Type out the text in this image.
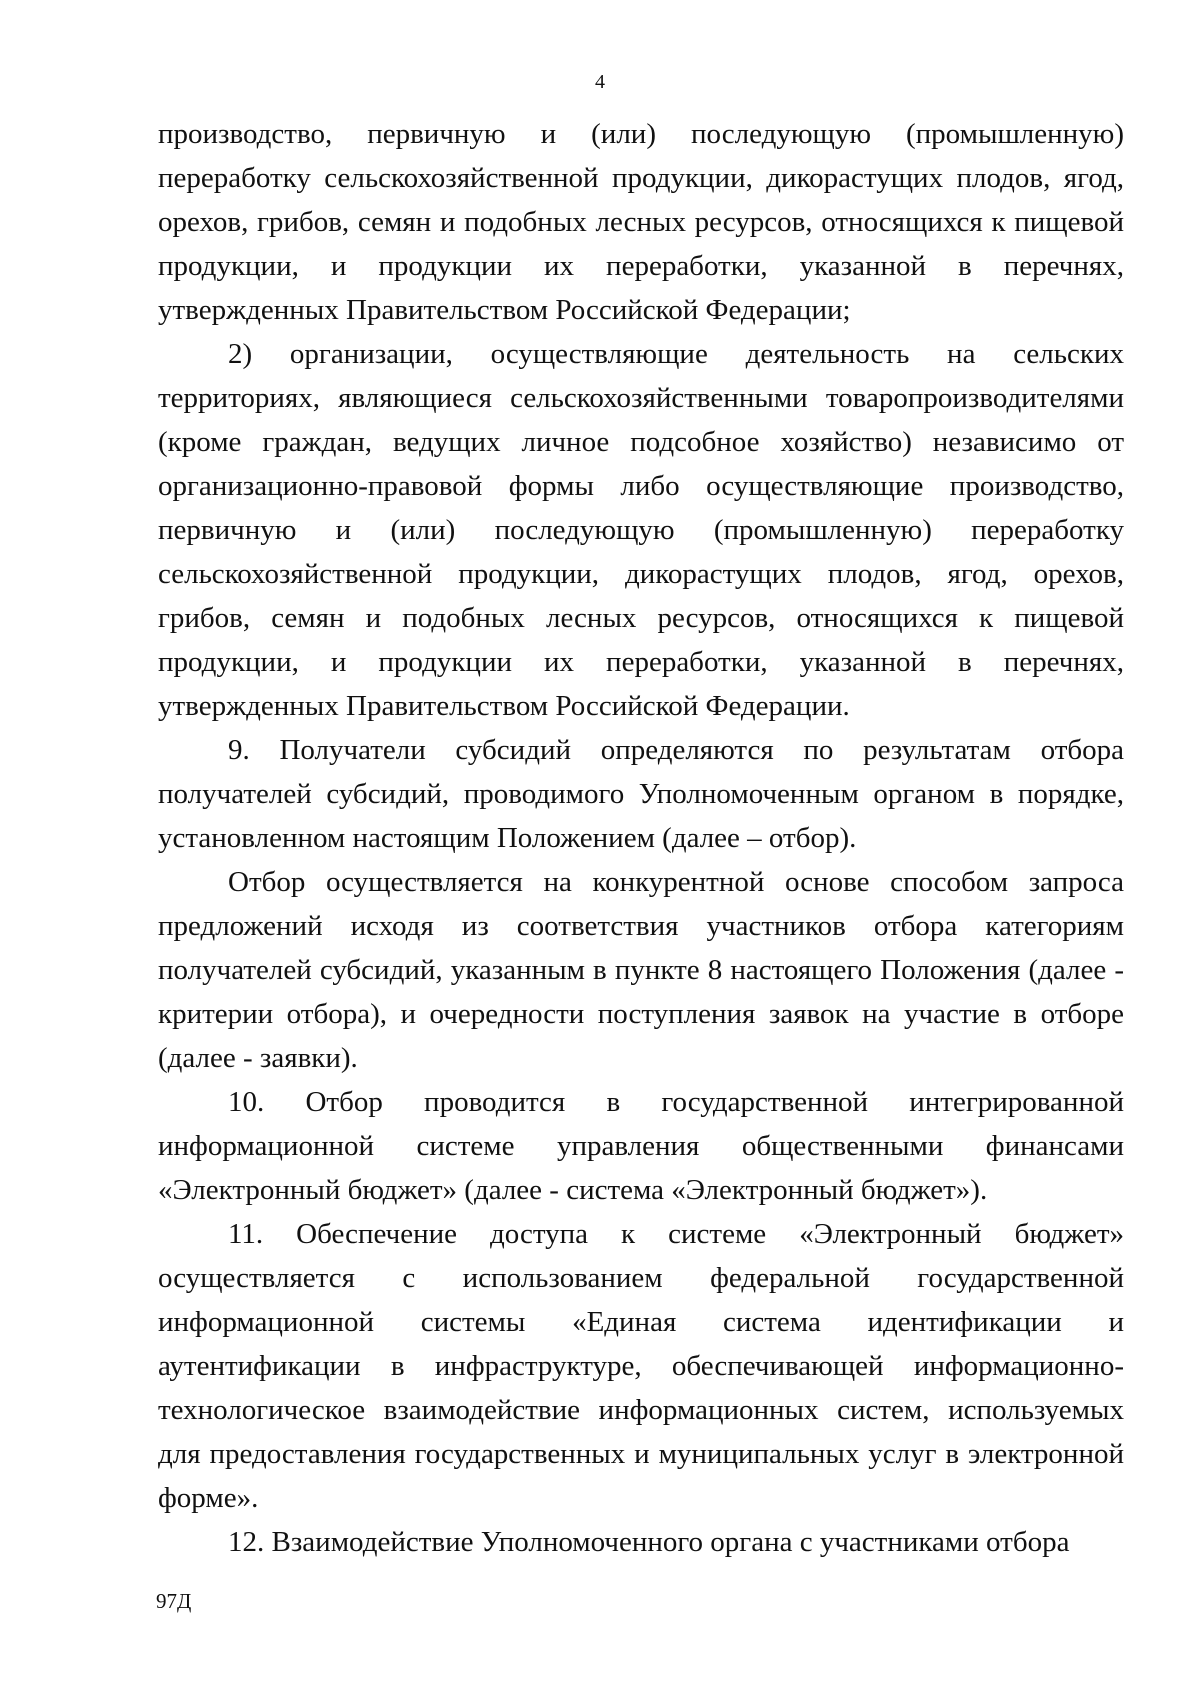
4

производство, первичную и (или) последующую (промышленную) переработку сельскохозяйственной продукции, дикорастущих плодов, ягод, орехов, грибов, семян и подобных лесных ресурсов, относящихся к пищевой продукции, и продукции их переработки, указанной в перечнях, утвержденных Правительством Российской Федерации;

2) организации, осуществляющие деятельность на сельских территориях, являющиеся сельскохозяйственными товаропроизводителями (кроме граждан, ведущих личное подсобное хозяйство) независимо от организационно-правовой формы либо осуществляющие производство, первичную и (или) последующую (промышленную) переработку сельскохозяйственной продукции, дикорастущих плодов, ягод, орехов, грибов, семян и подобных лесных ресурсов, относящихся к пищевой продукции, и продукции их переработки, указанной в перечнях, утвержденных Правительством Российской Федерации.

9. Получатели субсидий определяются по результатам отбора получателей субсидий, проводимого Уполномоченным органом в порядке, установленном настоящим Положением (далее – отбор).

Отбор осуществляется на конкурентной основе способом запроса предложений исходя из соответствия участников отбора категориям получателей субсидий, указанным в пункте 8 настоящего Положения (далее - критерии отбора), и очередности поступления заявок на участие в отборе (далее - заявки).

10. Отбор проводится в государственной интегрированной информационной системе управления общественными финансами «Электронный бюджет» (далее - система «Электронный бюджет»).

11. Обеспечение доступа к системе «Электронный бюджет» осуществляется с использованием федеральной государственной информационной системы «Единая система идентификации и аутентификации в инфраструктуре, обеспечивающей информационно-технологическое взаимодействие информационных систем, используемых для предоставления государственных и муниципальных услуг в электронной форме».

12. Взаимодействие Уполномоченного органа с участниками отбора

97Д
